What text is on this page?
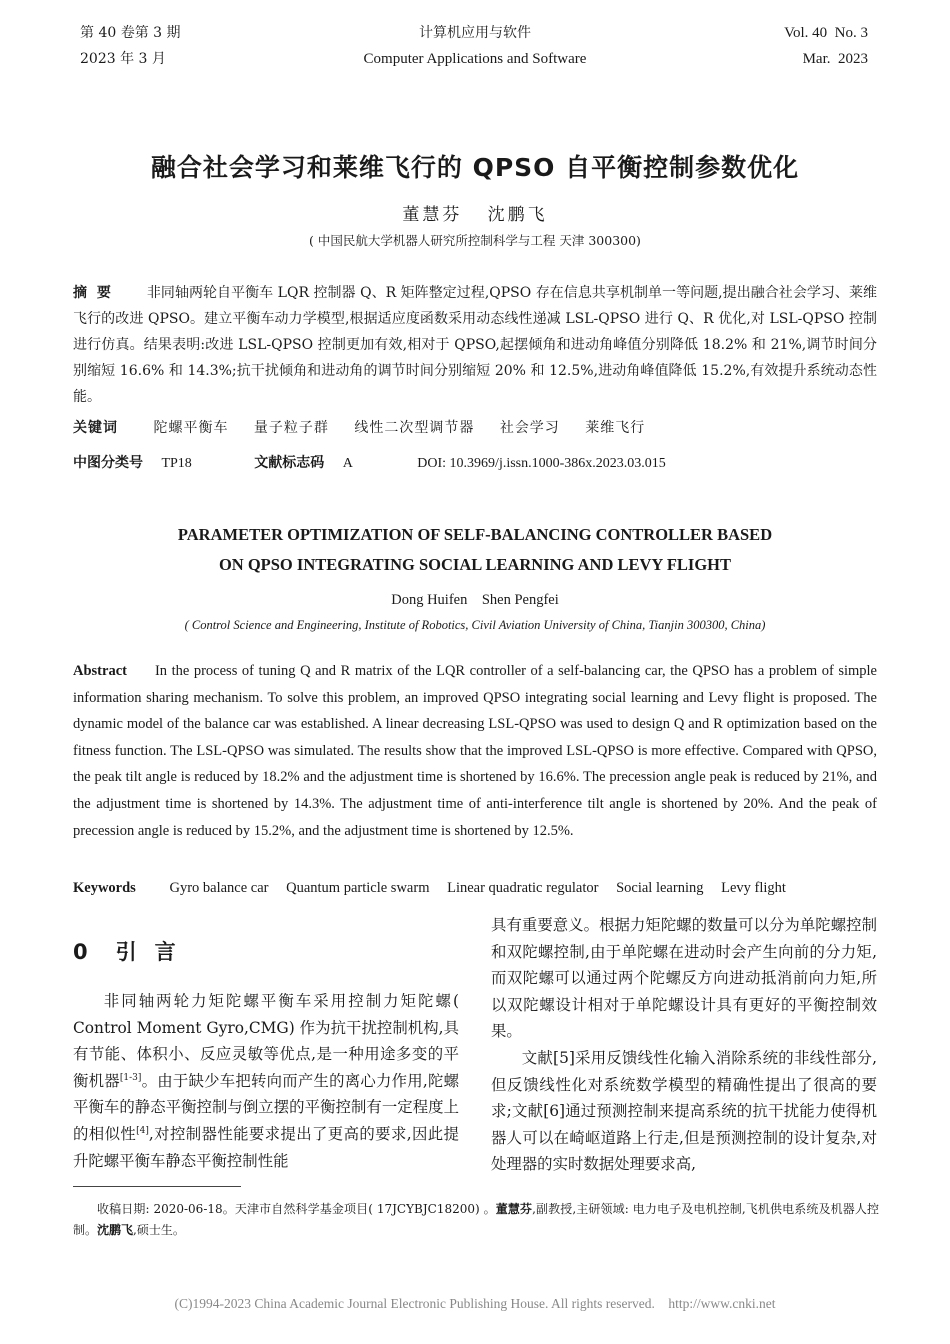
第 40 卷第 3 期
2023 年 3 月
计算机应用与软件
Computer Applications and Software
Vol. 40  No. 3
Mar.  2023
融合社会学习和莱维飞行的 QPSO 自平衡控制参数优化
董慧芬   沈鹏飞
( 中国民航大学机器人研究所控制科学与工程 天津 300300)
摘  要	非同轴两轮自平衡车 LQR 控制器 Q、R 矩阵整定过程,QPSO 存在信息共享机制单一等问题,提出融合社会学习、莱维飞行的改进 QPSO。建立平衡车动力学模型,根据适应度函数采用动态线性递减 LSL-QPSO 进行 Q、R 优化,对 LSL-QPSO 控制进行仿真。结果表明:改进 LSL-QPSO 控制更加有效,相对于 QPSO,起摆倾角和进动角峰值分别降低 18.2% 和 21%,调节时间分别缩短 16.6% 和 14.3%;抗干扰倾角和进动角的调节时间分别缩短 20% 和 12.5%,进动角峰值降低 15.2%,有效提升系统动态性能。
关键词	陀螺平衡车 量子粒子群 线性二次型调节器 社会学习 莱维飞行
中图分类号 TP18	文献标志码 A	DOI: 10.3969/j.issn.1000-386x.2023.03.015
PARAMETER OPTIMIZATION OF SELF-BALANCING CONTROLLER BASED
ON QPSO INTEGRATING SOCIAL LEARNING AND LEVY FLIGHT
Dong Huifen    Shen Pengfei
( Control Science and Engineering, Institute of Robotics, Civil Aviation University of China, Tianjin 300300, China)
Abstract In the process of tuning Q and R matrix of the LQR controller of a self-balancing car, the QPSO has a problem of simple information sharing mechanism. To solve this problem, an improved QPSO integrating social learning and Levy flight is proposed. The dynamic model of the balance car was established. A linear decreasing LSL-QPSO was used to design Q and R optimization based on the fitness function. The LSL-QPSO was simulated. The results show that the improved LSL-QPSO is more effective. Compared with QPSO, the peak tilt angle is reduced by 18.2% and the adjustment time is shortened by 16.6%. The precession angle peak is reduced by 21%, and the adjustment time is shortened by 14.3%. The adjustment time of anti-interference tilt angle is shortened by 20%. And the peak of precession angle is reduced by 15.2%, and the adjustment time is shortened by 12.5%.
Keywords Gyro balance car Quantum particle swarm Linear quadratic regulator Social learning Levy flight
0 引言
非同轴两轮力矩陀螺平衡车采用控制力矩陀螺( Control Moment Gyro,CMG) 作为抗干扰控制机构,具有节能、体积小、反应灵敏等优点,是一种用途多变的平衡机器[1-3]。由于缺少车把转向而产生的离心力作用,陀螺平衡车的静态平衡控制与倒立摆的平衡控制有一定程度上的相似性[4],对控制器性能要求提出了更高的要求,因此提升陀螺平衡车静态平衡控制性能
具有重要意义。根据力矩陀螺的数量可以分为单陀螺控制和双陀螺控制,由于单陀螺在进动时会产生向前的分力矩,而双陀螺可以通过两个陀螺反方向进动抵消前向力矩,所以双陀螺设计相对于单陀螺设计具有更好的平衡控制效果。
文献[5]采用反馈线性化输入消除系统的非线性部分,但反馈线性化对系统数学模型的精确性提出了很高的要求;文献[6]通过预测控制来提高系统的抗干扰能力使得机器人可以在崎岖道路上行走,但是预测控制的设计复杂,对处理器的实时数据处理要求高,
收稿日期: 2020-06-18。天津市自然科学基金项目( 17JCYBJC18200) 。董慧芬,副教授,主研领域: 电力电子及电机控制,飞机供电系统及机器人控制。沈鹏飞,硕士生。
(C)1994-2023 China Academic Journal Electronic Publishing House. All rights reserved.    http://www.cnki.net
